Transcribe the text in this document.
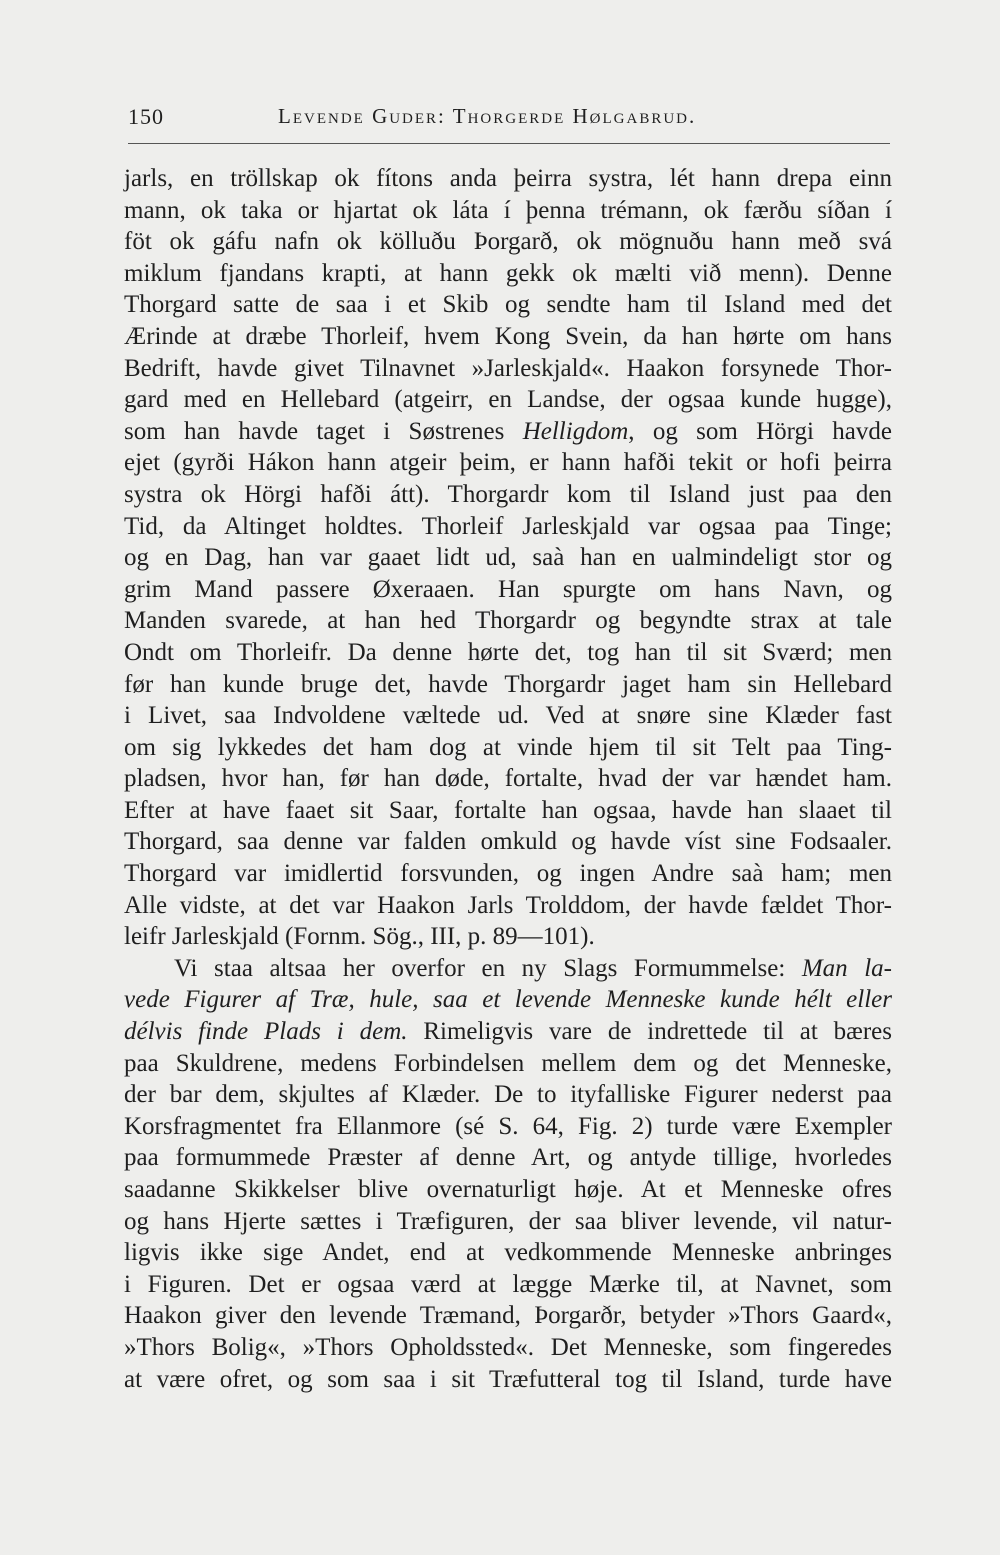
150	Levende Guder: Thorgerde Hølgabrud.
jarls, en tröllskap ok fítons anda þeirra systra, lét hann drepa einn
mann, ok taka or hjartat ok láta í þenna trémann, ok færðu síðan í
föt ok gáfu nafn ok kölluðu Þorgarð, ok mögnuðu hann með svá
miklum fjandans krapti, at hann gekk ok mælti við menn). Denne
Thorgard satte de saa i et Skib og sendte ham til Island med det
Ærinde at dræbe Thorleif, hvem Kong Svein, da han hørte om hans
Bedrift, havde givet Tilnavnet »Jarleskjald«. Haakon forsynede Thor-
gard med en Hellebard (atgeirr, en Landse, der ogsaa kunde hugge),
som han havde taget i Søstrenes Helligdom, og som Hörgi havde
ejet (gyrði Hákon hann atgeir þeim, er hann hafði tekit or hofi þeirra
systra ok Hörgi hafði átt). Thorgardr kom til Island just paa den
Tid, da Altinget holdtes. Thorleif Jarleskjald var ogsaa paa Tinge;
og en Dag, han var gaaet lidt ud, saà han en ualmindeligt stor og
grim Mand passere Øxeraaen. Han spurgte om hans Navn, og
Manden svarede, at han hed Thorgardr og begyndte strax at tale
Ondt om Thorleifr. Da denne hørte det, tog han til sit Sværd; men
før han kunde bruge det, havde Thorgardr jaget ham sin Hellebard
i Livet, saa Indvoldene væltede ud. Ved at snøre sine Klæder fast
om sig lykkedes det ham dog at vinde hjem til sit Telt paa Ting-
pladsen, hvor han, før han døde, fortalte, hvad der var hændet ham.
Efter at have faaet sit Saar, fortalte han ogsaa, havde han slaaet til
Thorgard, saa denne var falden omkuld og havde víst sine Fodsaaler.
Thorgard var imidlertid forsvunden, og ingen Andre saà ham; men
Alle vidste, at det var Haakon Jarls Trolddom, der havde fældet Thor-
leifr Jarleskjald (Fornm. Sög., III, p. 89—101).
Vi staa altsaa her overfor en ny Slags Formummelse: Man la-
vede Figurer af Træ, hule, saa et levende Menneske kunde hélt eller
délvis finde Plads i dem. Rimeligvis vare de indrettede til at bæres
paa Skuldrene, medens Forbindelsen mellem dem og det Menneske,
der bar dem, skjultes af Klæder. De to ityfalliske Figurer nederst paa
Korsfragmentet fra Ellanmore (sé S. 64, Fig. 2) turde være Exempler
paa formummede Præster af denne Art, og antyde tillige, hvorledes
saadanne Skikkelser blive overnaturligt høje. At et Menneske ofres
og hans Hjerte sættes i Træfiguren, der saa bliver levende, vil natur-
ligvis ikke sige Andet, end at vedkommende Menneske anbringes
i Figuren. Det er ogsaa værd at lægge Mærke til, at Navnet, som
Haakon giver den levende Træmand, Þorgarðr, betyder »Thors Gaard«,
»Thors Bolig«, »Thors Opholdssted«. Det Menneske, som fingeredes
at være ofret, og som saa i sit Træfutteral tog til Island, turde have
